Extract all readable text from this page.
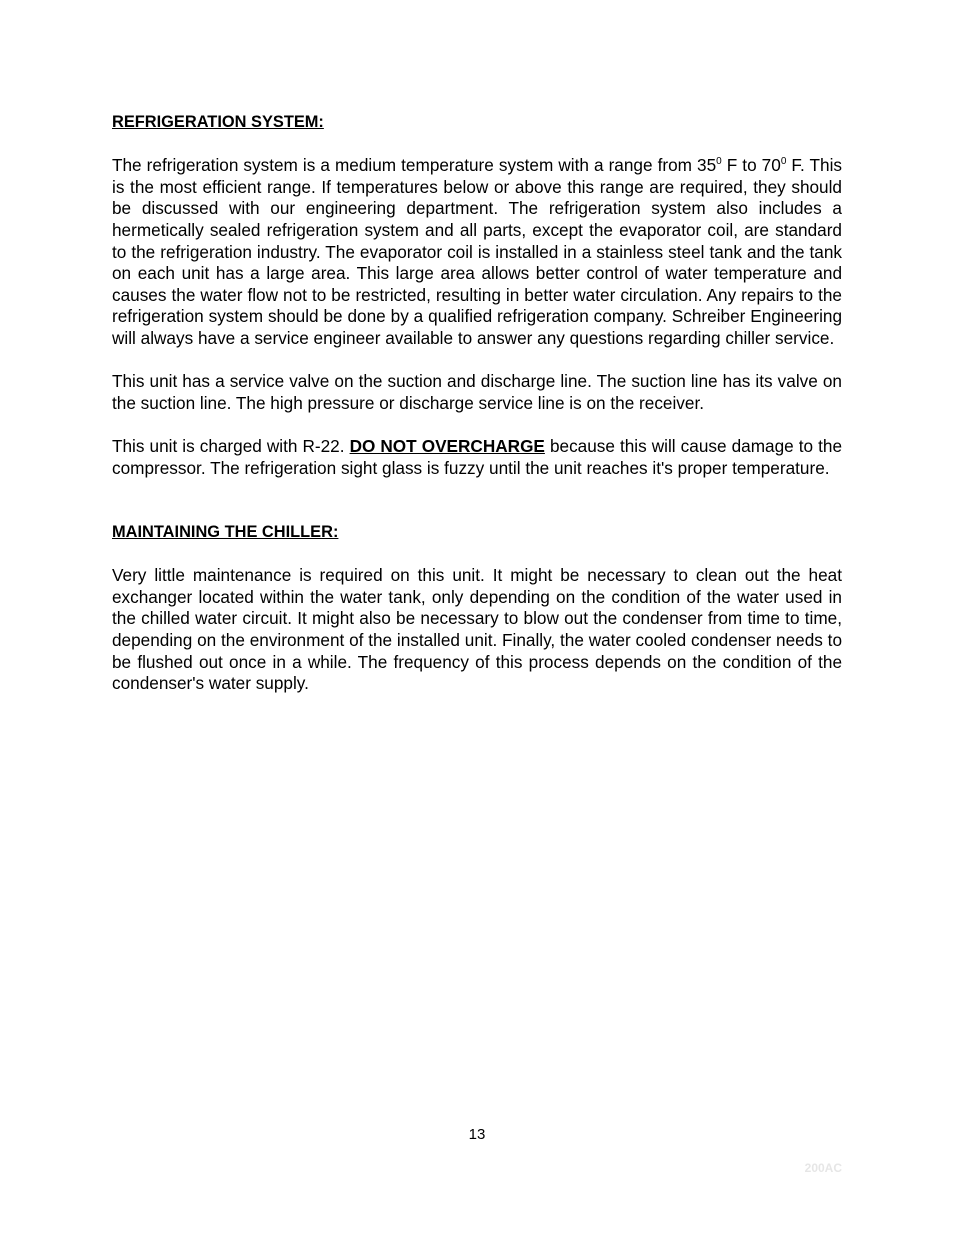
REFRIGERATION SYSTEM:

The refrigeration system is a medium temperature system with a range from $35^0$ F to $70^0$ F. This is the most efficient range. If temperatures below or above this range are required, they should be discussed with our engineering department. The refrigeration system also includes a hermetically sealed refrigeration system and all parts, except the evaporator coil, are standard to the refrigeration industry. The evaporator coil is installed in a stainless steel tank and the tank on each unit has a large area. This large area allows better control of water temperature and causes the water flow not to be restricted, resulting in better water circulation. Any repairs to the refrigeration system should be done by a qualified refrigeration company. Schreiber Engineering will always have a service engineer available to answer any questions regarding chiller service.

This unit has a service valve on the suction and discharge line. The suction line has its valve on the suction line. The high pressure or discharge service line is on the receiver.

This unit is charged with R-22. DO NOT OVERCHARGE because this will cause damage to the compressor. The refrigeration sight glass is fuzzy until the unit reaches it's proper temperature.

MAINTAINING THE CHILLER:

Very little maintenance is required on this unit. It might be necessary to clean out the heat exchanger located within the water tank, only depending on the condition of the water used in the chilled water circuit. It might also be necessary to blow out the condenser from time to time, depending on the environment of the installed unit. Finally, the water cooled condenser needs to be flushed out once in a while. The frequency of this process depends on the condition of the condenser's water supply.

13
200AC
